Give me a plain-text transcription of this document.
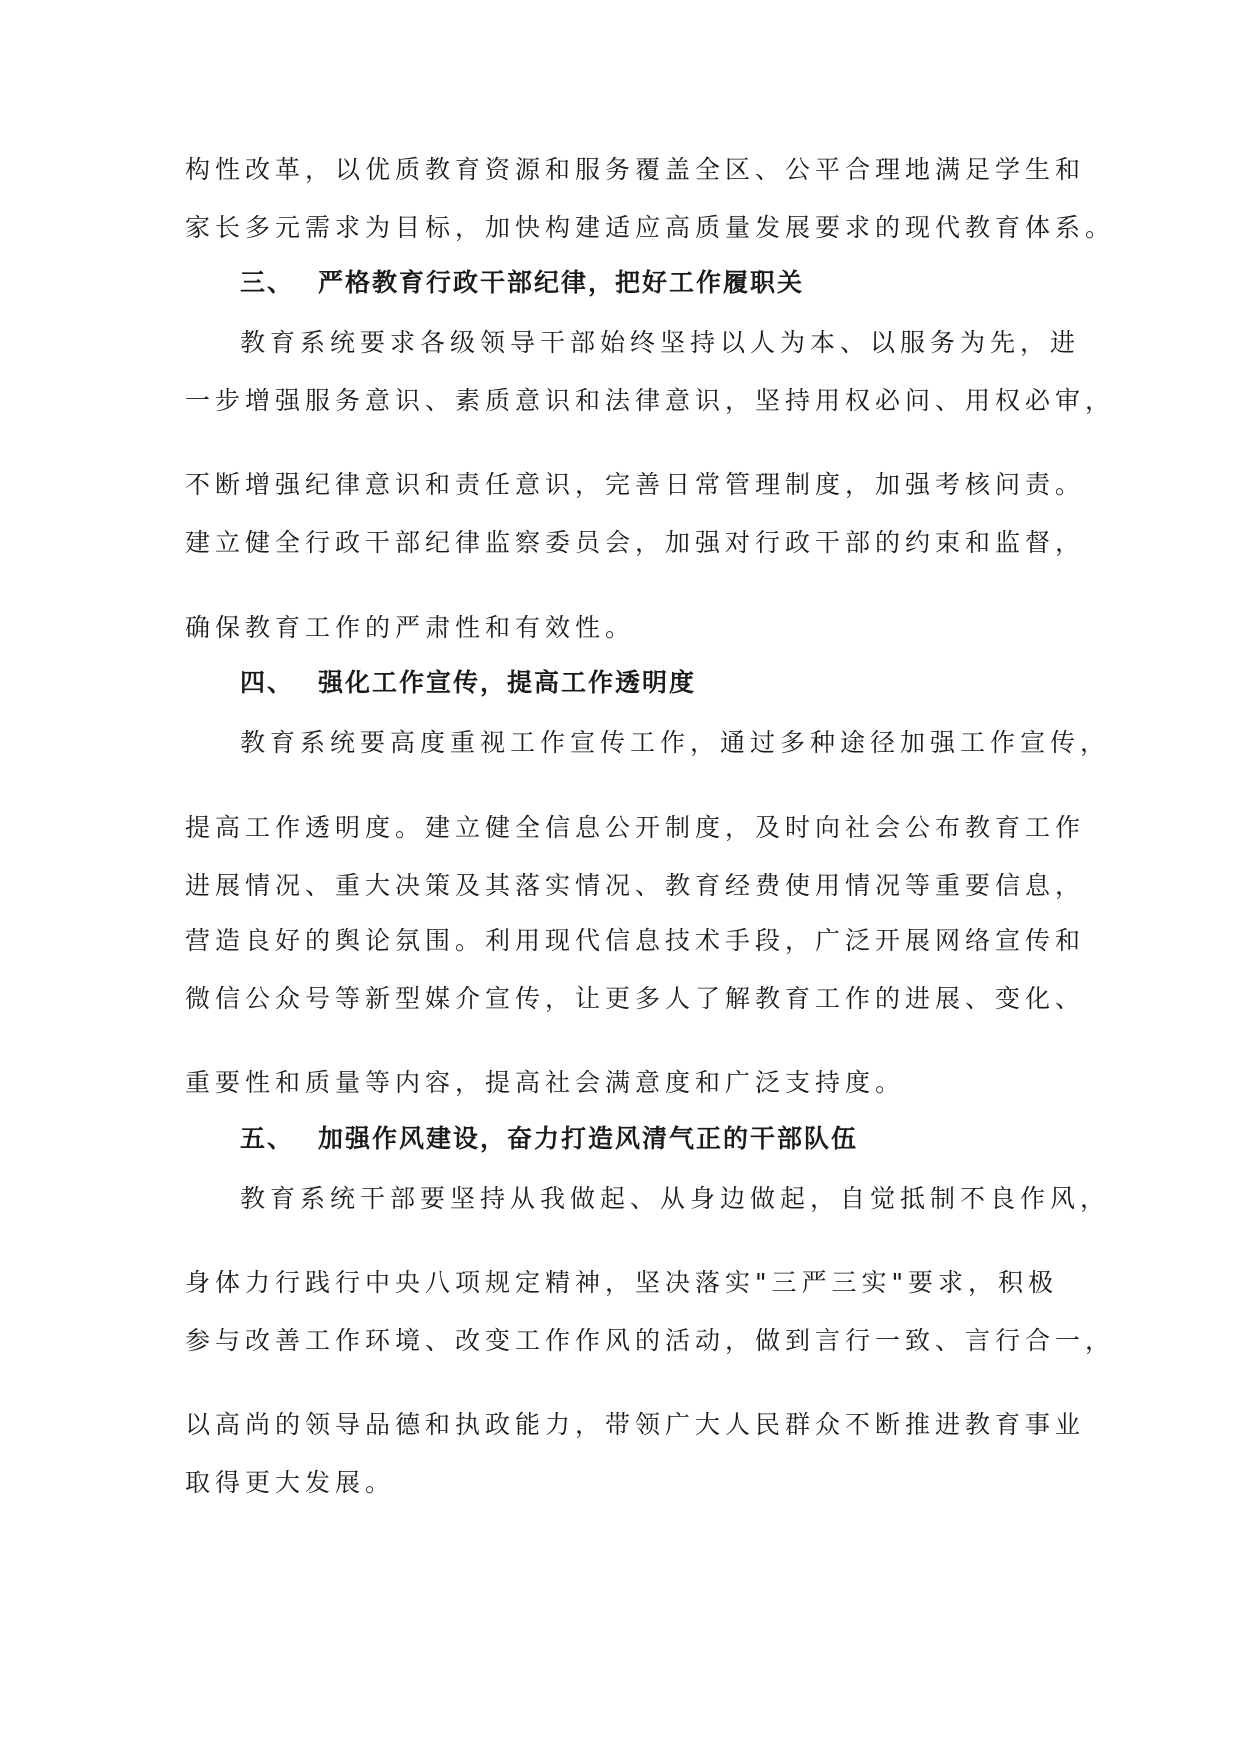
构性改革，以优质教育资源和服务覆盖全区、公平合理地满足学生和

家长多元需求为目标，加快构建适应高质量发展要求的现代教育体系。

三、 严格教育行政干部纪律，把好工作履职关

教育系统要求各级领导干部始终坚持以人为本、以服务为先，进

一步增强服务意识、素质意识和法律意识，坚持用权必问、用权必审，

不断增强纪律意识和责任意识，完善日常管理制度，加强考核问责。

建立健全行政干部纪律监察委员会，加强对行政干部的约束和监督，

确保教育工作的严肃性和有效性。

四、 强化工作宣传，提高工作透明度

教育系统要高度重视工作宣传工作，通过多种途径加强工作宣传，

提高工作透明度。建立健全信息公开制度，及时向社会公布教育工作

进展情况、重大决策及其落实情况、教育经费使用情况等重要信息，

营造良好的舆论氛围。利用现代信息技术手段，广泛开展网络宣传和

微信公众号等新型媒介宣传，让更多人了解教育工作的进展、变化、

重要性和质量等内容，提高社会满意度和广泛支持度。

五、 加强作风建设，奋力打造风清气正的干部队伍

教育系统干部要坚持从我做起、从身边做起，自觉抵制不良作风，

身体力行践行中央八项规定精神，坚决落实"三严三实"要求，积极

参与改善工作环境、改变工作作风的活动，做到言行一致、言行合一，

以高尚的领导品德和执政能力，带领广大人民群众不断推进教育事业

取得更大发展。
